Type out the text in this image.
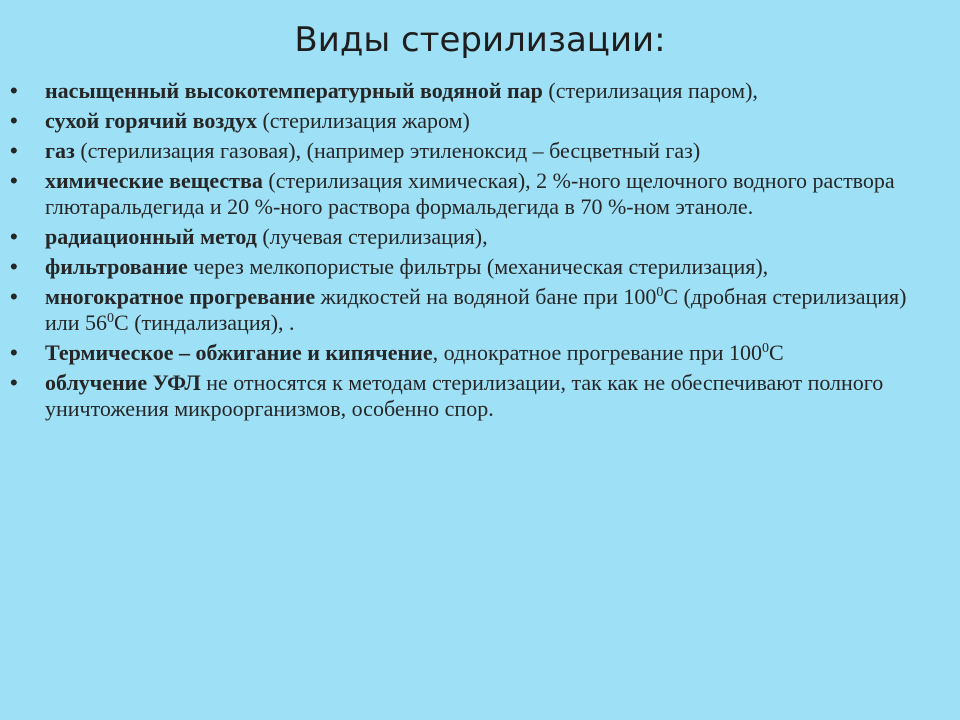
Виды стерилизации:
•	насыщенный высокотемпературный водяной пар (стерилизация паром),
•	сухой горячий воздух (стерилизация жаром)
•	газ (стерилизация газовая), (например этиленоксид – бесцветный газ)
•	химические вещества (стерилизация химическая), 2 %-ного щелочного водного раствора глютаральдегида и 20 %-ного раствора формальдегида в 70 %-ном этаноле.
•	радиационный метод (лучевая стерилизация),
•	фильтрование через мелкопористые фильтры (механическая стерилизация),
•	многократное прогревание жидкостей на водяной бане при $100^0С$ (дробная стерилизация) или $56^0С$ (тиндализация), .
•	Термическое – обжигание и кипячение, однократное прогревание при $100^0С$
•	облучение УФЛ не относятся к методам стерилизации, так как не обеспечивают полного уничтожения микроорганизмов, особенно спор.
